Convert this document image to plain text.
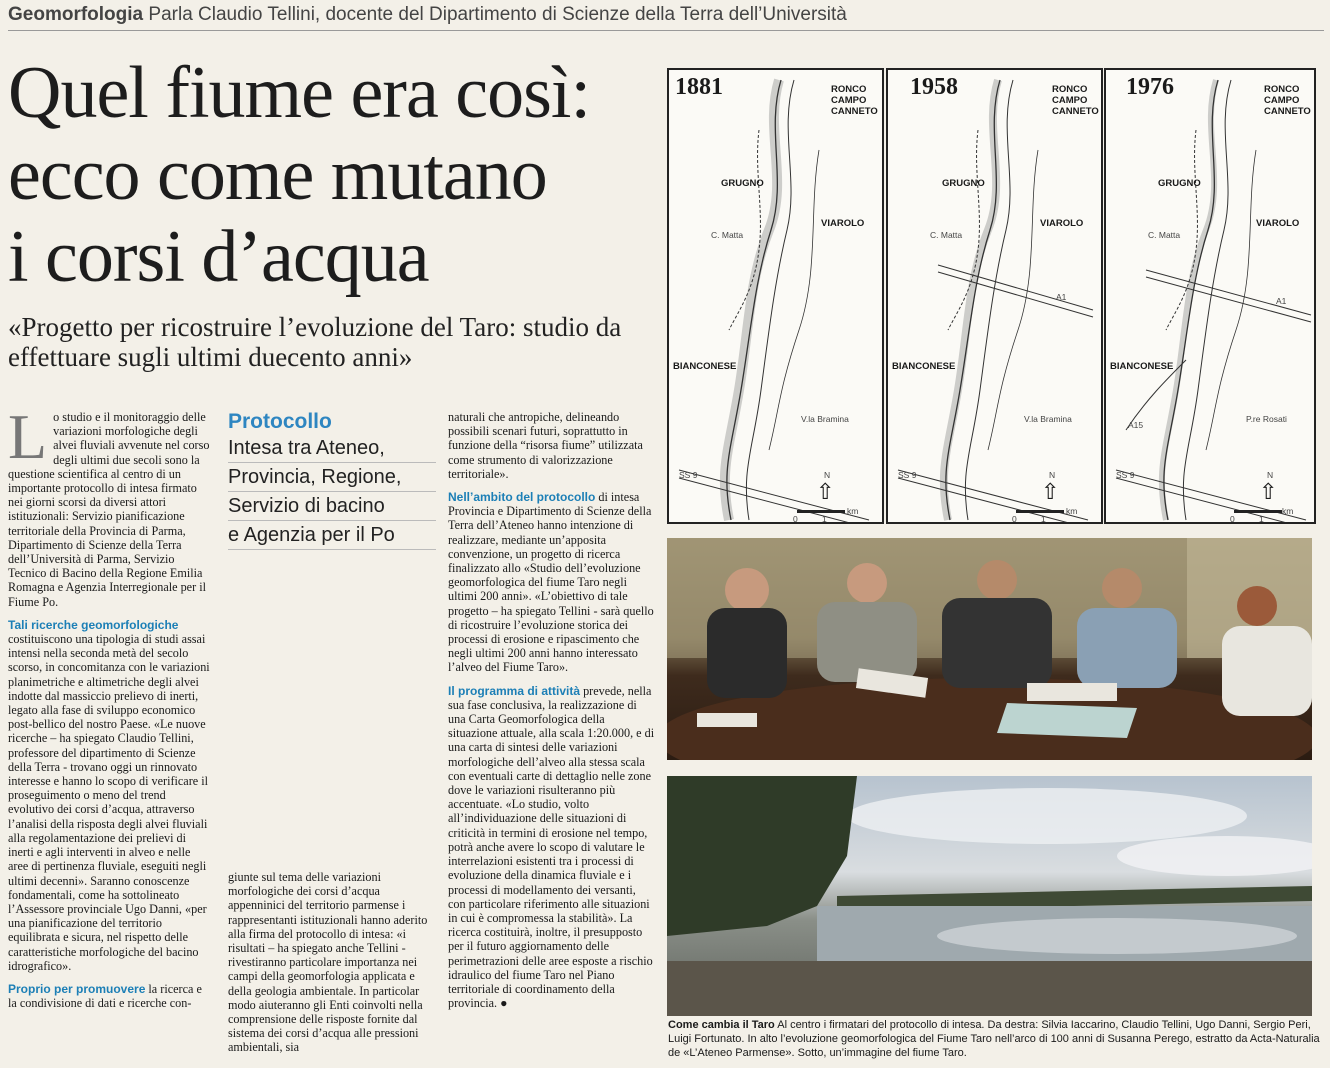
Geomorfologia Parla Claudio Tellini, docente del Dipartimento di Scienze della Terra dell’Università
Quel fiume era così:
ecco come mutano
i corsi d’acqua
«Progetto per ricostruire l’evoluzione del Taro: studio da effettuare sugli ultimi duecento anni»

Lo studio e il monitoraggio delle variazioni morfologiche degli alvei fluviali avvenute nel corso degli ultimi due secoli sono la questione scientifica al centro di un importante protocollo di intesa firmato nei giorni scorsi da diversi attori istituzionali: Servizio pianificazione territoriale della Provincia di Parma, Dipartimento di Scienze della Terra dell’Università di Parma, Servizio Tecnico di Bacino della Regione Emilia Romagna e Agenzia Interregionale per il Fiume Po.

Tali ricerche geomorfologiche costituiscono una tipologia di studi assai intensi nella seconda metà del secolo scorso, in concomitanza con le variazioni planimetriche e altimetriche degli alvei indotte dal massiccio prelievo di inerti, legato alla fase di sviluppo economico post-bellico del nostro Paese. «Le nuove ricerche – ha spiegato Claudio Tellini, professore del dipartimento di Scienze della Terra - trovano oggi un rinnovato interesse e hanno lo scopo di verificare il proseguimento o meno del trend evolutivo dei corsi d’acqua, attraverso l’analisi della risposta degli alvei fluviali alla regolamentazione dei prelievi di inerti e agli interventi in alveo e nelle aree di pertinenza fluviale, eseguiti negli ultimi decenni». Saranno conoscenze fondamentali, come ha sottolineato l’Assessore provinciale Ugo Danni, «per una pianificazione del territorio equilibrata e sicura, nel rispetto delle caratteristiche morfologiche del bacino idrografico».

Proprio per promuovere la ricerca e la condivisione di dati e ricerche con-

Protocollo
Intesa tra Ateneo,
Provincia, Regione,
Servizio di bacino
e Agenzia per il Po

giunte sul tema delle variazioni morfologiche dei corsi d’acqua appenninici del territorio parmense i rappresentanti istituzionali hanno aderito alla firma del protocollo di intesa: «i risultati – ha spiegato anche Tellini - rivestiranno particolare importanza nei campi della geomorfologia applicata e della geologia ambientale. In particolar modo aiuteranno gli Enti coinvolti nella comprensione delle risposte fornite dal sistema dei corsi d’acqua alle pressioni ambientali, sia

naturali che antropiche, delineando possibili scenari futuri, soprattutto in funzione della “risorsa fiume” utilizzata come strumento di valorizzazione territoriale».

Nell’ambito del protocollo di intesa Provincia e Dipartimento di Scienze della Terra dell’Ateneo hanno intenzione di realizzare, mediante un’apposita convenzione, un progetto di ricerca finalizzato allo «Studio dell’evoluzione geomorfologica del fiume Taro negli ultimi 200 anni». «L’obiettivo di tale progetto – ha spiegato Tellini - sarà quello di ricostruire l’evoluzione storica dei processi di erosione e ripascimento che negli ultimi 200 anni hanno interessato l’alveo del Fiume Taro».

Il programma di attività prevede, nella sua fase conclusiva, la realizzazione di una Carta Geomorfologica della situazione attuale, alla scala 1:20.000, e di una carta di sintesi delle variazioni morfologiche dell’alveo alla stessa scala con eventuali carte di dettaglio nelle zone dove le variazioni risulteranno più accentuate. «Lo studio, volto all’individuazione delle situazioni di criticità in termini di erosione nel tempo, potrà anche avere lo scopo di valutare le interrelazioni esistenti tra i processi di evoluzione della dinamica fluviale e i processi di modellamento dei versanti, con particolare riferimento alle situazioni in cui è compromessa la stabilità». La ricerca costituirà, inoltre, il presupposto per il futuro aggiornamento delle perimetrazioni delle aree esposte a rischio idraulico del fiume Taro nel Piano territoriale di coordinamento della provincia. ●

1881	RONCO
CAMPO
CANNETO
GRUGNO
VIAROLO
C. Matta
BIANCONESE
V.la Bramina
SS 9	N
⇧
0	1
km
1958	RONCO
CAMPO
CANNETO
GRUGNO
VIAROLO
C. Matta
A1
BIANCONESE
V.la Bramina
SS 9	N
⇧
0	1
km
1976	RONCO
CAMPO
CANNETO
GRUGNO
VIAROLO
C. Matta
A1
BIANCONESE
A15
P.re Rosati
SS 9	N
⇧
0	1
km
Come cambia il Taro Al centro i firmatari del protocollo di intesa. Da destra: Silvia Iaccarino, Claudio Tellini, Ugo Danni, Sergio Peri, Luigi Fortunato. In alto l’evoluzione geomorfologica del Fiume Taro nell’arco di 100 anni di Susanna Perego, estratto da Acta-Naturalia de «L’Ateneo Parmense». Sotto, un’immagine del fiume Taro.
